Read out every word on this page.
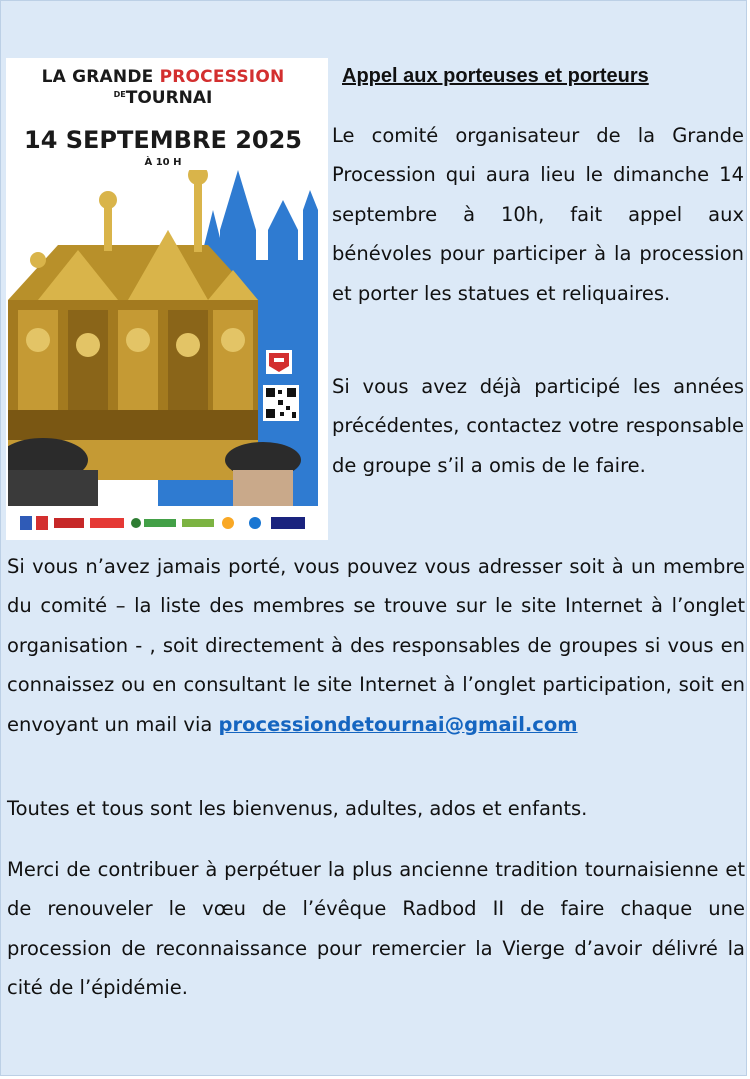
LA GRANDE PROCESSION
$^{DE}$TOURNAI
14 SEPTEMBRE 2025
À 10 H
Appel aux porteuses et porteurs

Le comité organisateur de la Grande Procession qui aura lieu le dimanche 14 septembre à 10h, fait appel aux bénévoles pour participer à la procession et porter les statues et reliquaires.

Si vous avez déjà participé les années précédentes, contactez votre responsable de groupe s’il a omis de le faire.

Si vous n’avez jamais porté, vous pouvez vous adresser soit à un membre du comité – la liste des membres se trouve sur le site Internet à l’onglet organisation - , soit directement à des responsables de groupes si vous en connaissez ou en consultant le site Internet à l’onglet participation, soit en envoyant un mail via processiondetournai@gmail.com

Toutes et tous sont les bienvenus, adultes, ados et enfants.

Merci de contribuer à perpétuer la plus ancienne tradition tournaisienne et de renouveler le vœu de l’évêque Radbod II de faire chaque une procession de reconnaissance pour remercier la Vierge d’avoir délivré la cité de l’épidémie.
